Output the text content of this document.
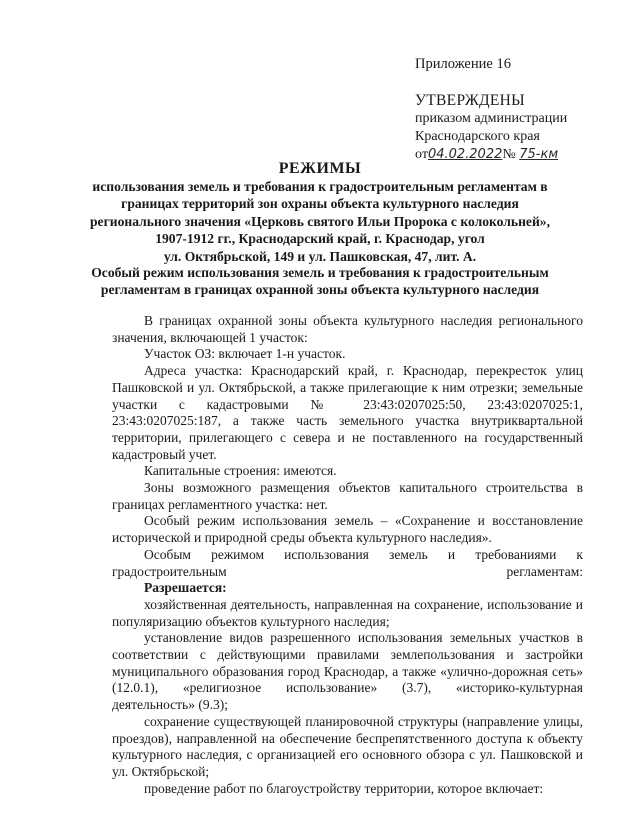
Приложение 16
УТВЕРЖДЕНЫ
приказом администрации
Краснодарского края
от04.02.2022№ 75-км
РЕЖИМЫ
использования земель и требования к градостроительным регламентам в
границах территорий зон охраны объекта культурного наследия
регионального значения «Церковь святого Ильи Пророка с колокольней»,
1907-1912 гг., Краснодарский край, г. Краснодар, угол
ул. Октябрьской, 149 и ул. Пашковская, 47, лит. А.
Особый режим использования земель и требования к градостроительным
регламентам в границах охранной зоны объекта культурного наследия

В границах охранной зоны объекта культурного наследия регионального значения, включающей 1 участок:

Участок ОЗ: включает 1-н участок.

Адреса участка: Краснодарский край, г. Краснодар, перекресток улиц Пашковской и ул. Октябрьской, а также прилегающие к ним отрезки; земельные участки с кадастровыми № 23:43:0207025:50, 23:43:0207025:1, 23:43:0207025:187, а также часть земельного участка внутриквартальной территории, прилегающего с севера и не поставленного на государственный кадастровый учет.

Капитальные строения: имеются.

Зоны возможного размещения объектов капитального строительства в границах регламентного участка: нет.

Особый режим использования земель – «Сохранение и восстановление исторической и природной среды объекта культурного наследия».

Особым режимом использования земель и требованиями к градостроительным регламентам:

Разрешается:

хозяйственная деятельность, направленная на сохранение, использование и популяризацию объектов культурного наследия;

установление видов разрешенного использования земельных участков в соответствии с действующими правилами землепользования и застройки муниципального образования город Краснодар, а также «улично-дорожная сеть» (12.0.1), «религиозное использование» (3.7), «историко-культурная деятельность» (9.3);

сохранение существующей планировочной структуры (направление улицы, проездов), направленной на обеспечение беспрепятственного доступа к объекту культурного наследия, с организацией его основного обзора с ул. Пашковской и ул. Октябрьской;

проведение работ по благоустройству территории, которое включает:
